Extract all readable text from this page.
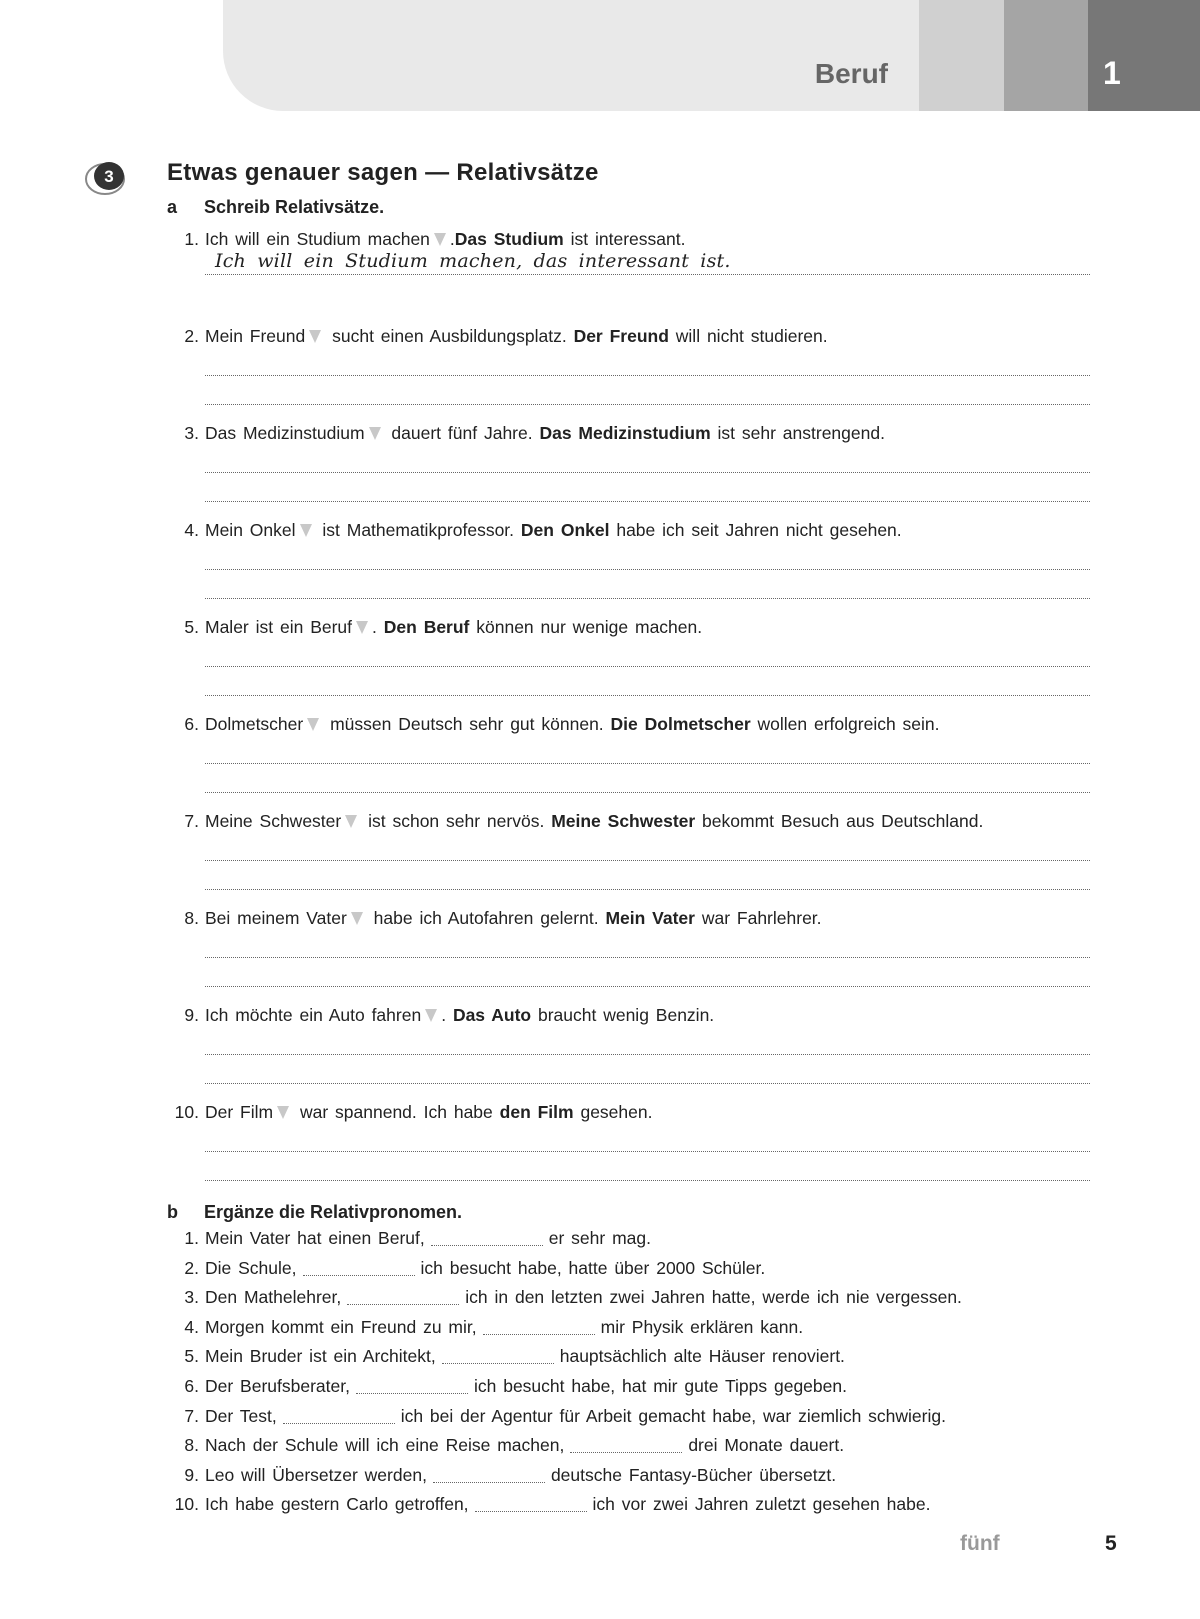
Beruf	1
3 Etwas genauer sagen — Relativsätze
a Schreib Relativsätze.
1. Ich will ein Studium machen .Das Studium ist interessant.
Ich will ein Studium machen, das interessant ist.
2. Mein Freund sucht einen Ausbildungsplatz. Der Freund will nicht studieren.
3. Das Medizinstudium dauert fünf Jahre. Das Medizinstudium ist sehr anstrengend.
4. Mein Onkel ist Mathematikprofessor. Den Onkel habe ich seit Jahren nicht gesehen.
5. Maler ist ein Beruf . Den Beruf können nur wenige machen.
6. Dolmetscher müssen Deutsch sehr gut können. Die Dolmetscher wollen erfolgreich sein.
7. Meine Schwester ist schon sehr nervös. Meine Schwester bekommt Besuch aus Deutschland.
8. Bei meinem Vater habe ich Autofahren gelernt. Mein Vater war Fahrlehrer.
9. Ich möchte ein Auto fahren . Das Auto braucht wenig Benzin.
10. Der Film war spannend. Ich habe den Film gesehen.
b Ergänze die Relativpronomen.
1. Mein Vater hat einen Beruf,	er sehr mag.
2. Die Schule,	ich besucht habe, hatte über 2000 Schüler.
3. Den Mathelehrer,	ich in den letzten zwei Jahren hatte, werde ich nie vergessen.
4. Morgen kommt ein Freund zu mir,	mir Physik erklären kann.
5. Mein Bruder ist ein Architekt,	hauptsächlich alte Häuser renoviert.
6. Der Berufsberater,	ich besucht habe, hat mir gute Tipps gegeben.
7. Der Test,	ich bei der Agentur für Arbeit gemacht habe, war ziemlich schwierig.
8. Nach der Schule will ich eine Reise machen,	drei Monate dauert.
9. Leo will Übersetzer werden,	deutsche Fantasy-Bücher übersetzt.
10. Ich habe gestern Carlo getroffen,	ich vor zwei Jahren zuletzt gesehen habe.
fünf	5
